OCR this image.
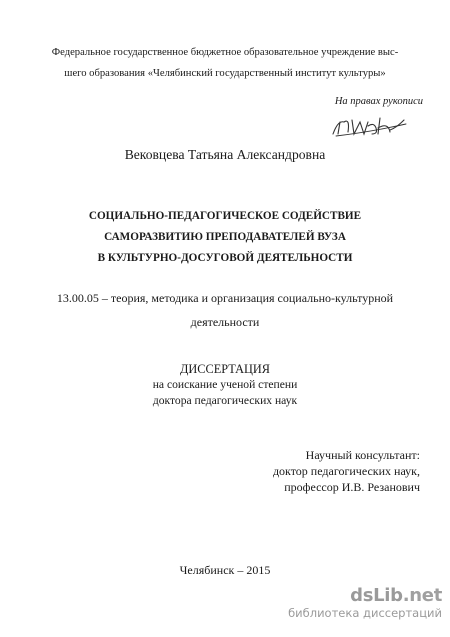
Федеральное государственное бюджетное образовательное учреждение выс-
шего образования «Челябинский государственный институт культуры»
На правах рукописи
Вековцева Татьяна Александровна
СОЦИАЛЬНО-ПЕДАГОГИЧЕСКОЕ СОДЕЙСТВИЕ
САМОРАЗВИТИЮ ПРЕПОДАВАТЕЛЕЙ ВУЗА
В КУЛЬТУРНО-ДОСУГОВОЙ ДЕЯТЕЛЬНОСТИ
13.00.05 – теория, методика и организация социально-культурной
деятельности
ДИССЕРТАЦИЯ
на соискание ученой степени
доктора педагогических наук
Научный консультант:
доктор педагогических наук,
профессор И.В. Резанович
Челябинск – 2015
dsLib.net
библиотека диссертаций
